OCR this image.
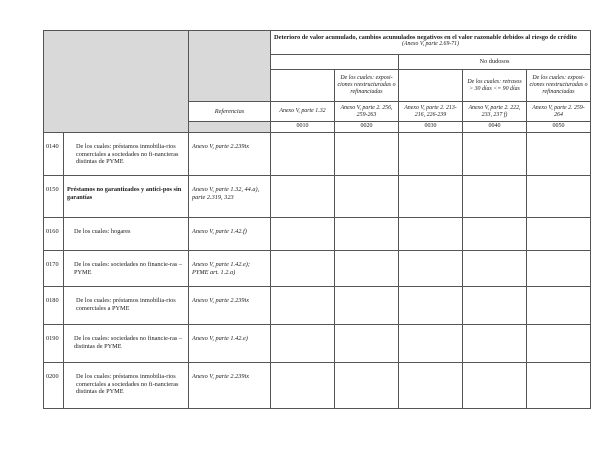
			Deterioro de valor acumulado, cambios acumulados negativos en el valor razonable debidos al riesgo de crédito
(Anexo V, parte 2.69-71)				

					No dudosos		
				De los cuales: exposi-ciones reestructuradas o refinanciadas		De los cuales: retrasos > 30 días <= 90 días	De los cuales: exposi-ciones reestructuradas o refinanciadas
		Referencias	Anexo V, parte 1.32	Anexo V, parte 2. 256, 259-263	Anexo V, parte 2. 213-216, 226-239	Anexo V, parte 2. 222, 233, 237 f)	Anexo V, parte 2. 259-264
			0010	0020	0030	0040	0050
0140	De los cuales: préstamos inmobilia-rios comerciales a sociedades no fi-nancieras distintas de PYME	Anexo V, parte 2.239ix					
0150	Préstamos no garantizados y antici-pos sin garantías	Anexo V, parte 1.32, 44.a), parte 2.319, 323					
0160	De los cuales: hogares	Anexo V, parte 1.42.f)					
0170	De los cuales: sociedades no financie-ras – PYME	Anexo V, parte 1.42.e); PYME art. 1.2.a)					
0180	De los cuales: préstamos inmobilia-rios comerciales a PYME	Anexo V, parte 2.239ix					
0190	De los cuales: sociedades no financie-ras – distintas de PYME	Anexo V, parte 1.42.e)					
0200	De los cuales: préstamos inmobilia-rios comerciales a sociedades no fi-nancieras distintas de PYME	Anexo V, parte 2.239ix					
